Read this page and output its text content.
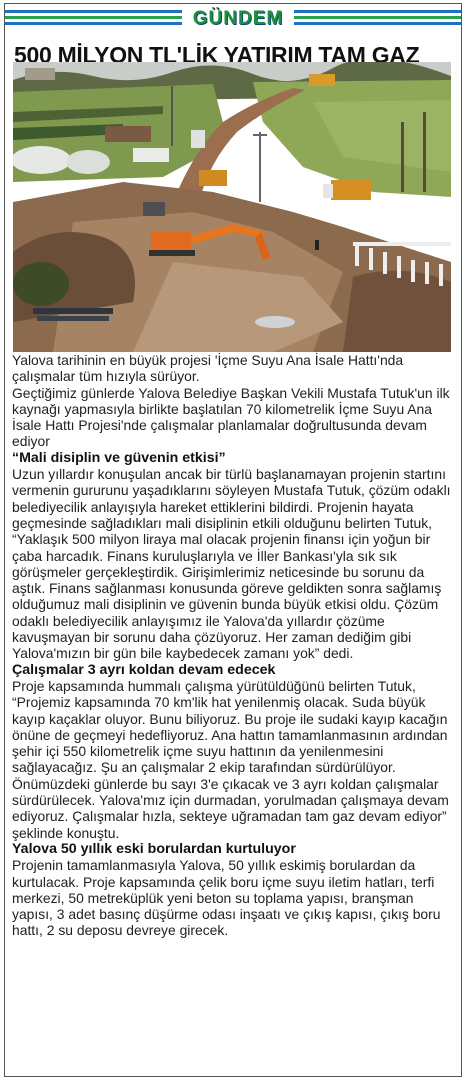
GÜNDEM
500 MİLYON TL'LİK YATIRIM TAM GAZ

Yalova tarihinin en büyük projesi 'İçme Suyu Ana İsale Hattı'nda çalışmalar tüm hızıyla sürüyor.

Geçtiğimiz günlerde Yalova Belediye Başkan Vekili Mustafa Tutuk'un ilk kaynağı yapmasıyla birlikte başlatılan 70 kilometrelik İçme Suyu Ana İsale Hattı Projesi'nde çalışmalar planlamalar doğrultusunda devam ediyor

“Mali disiplin ve güvenin etkisi”

Uzun yıllardır konuşulan ancak bir türlü başlanamayan projenin startını vermenin gururunu yaşadıklarını söyleyen Mustafa Tutuk, çözüm odaklı belediyecilik anlayışıyla hareket ettiklerini bildirdi. Projenin hayata geçmesinde sağladıkları mali disiplinin etkili olduğunu belirten Tutuk, “Yaklaşık 500 milyon liraya mal olacak projenin finansı için yoğun bir çaba harcadık. Finans kuruluşlarıyla ve İller Bankası'yla sık sık görüşmeler gerçekleştirdik. Girişimlerimiz neticesinde bu sorunu da aştık. Finans sağlanması konusunda göreve geldikten sonra sağlamış olduğumuz mali disiplinin ve güvenin bunda büyük etkisi oldu. Çözüm odaklı belediyecilik anlayışımız ile Yalova'da yıllardır çözüme kavuşmayan bir sorunu daha çözüyoruz. Her zaman dediğim gibi Yalova'mızın bir gün bile kaybedecek zamanı yok” dedi.

Çalışmalar 3 ayrı koldan devam edecek

Proje kapsamında hummalı çalışma yürütüldüğünü belirten Tutuk, “Projemiz kapsamında 70 km'lik hat yenilenmiş olacak. Suda büyük kayıp kaçaklar oluyor. Bunu biliyoruz. Bu proje ile sudaki kayıp kacağın önüne de geçmeyi hedefliyoruz. Ana hattın tamamlanmasının ardından şehir içi 550 kilometrelik içme suyu hattının da yenilenmesini sağlayacağız. Şu an çalışmalar 2 ekip tarafından sürdürülüyor. Önümüzdeki günlerde bu sayı 3'e çıkacak ve 3 ayrı koldan çalışmalar sürdürülecek. Yalova'mız için durmadan, yorulmadan çalışmaya devam ediyoruz. Çalışmalar hızla, sekteye uğramadan tam gaz devam ediyor” şeklinde konuştu.

Yalova 50 yıllık eski borulardan kurtuluyor

Projenin tamamlanmasıyla Yalova, 50 yıllık eskimiş borulardan da kurtulacak. Proje kapsamında çelik boru içme suyu iletim hatları, terfi merkezi, 50 metreküplük yeni beton su toplama yapısı, branşman yapısı, 3 adet basınç düşürme odası inşaatı ve çıkış kapısı, çıkış boru hattı, 2 su deposu devreye girecek.
